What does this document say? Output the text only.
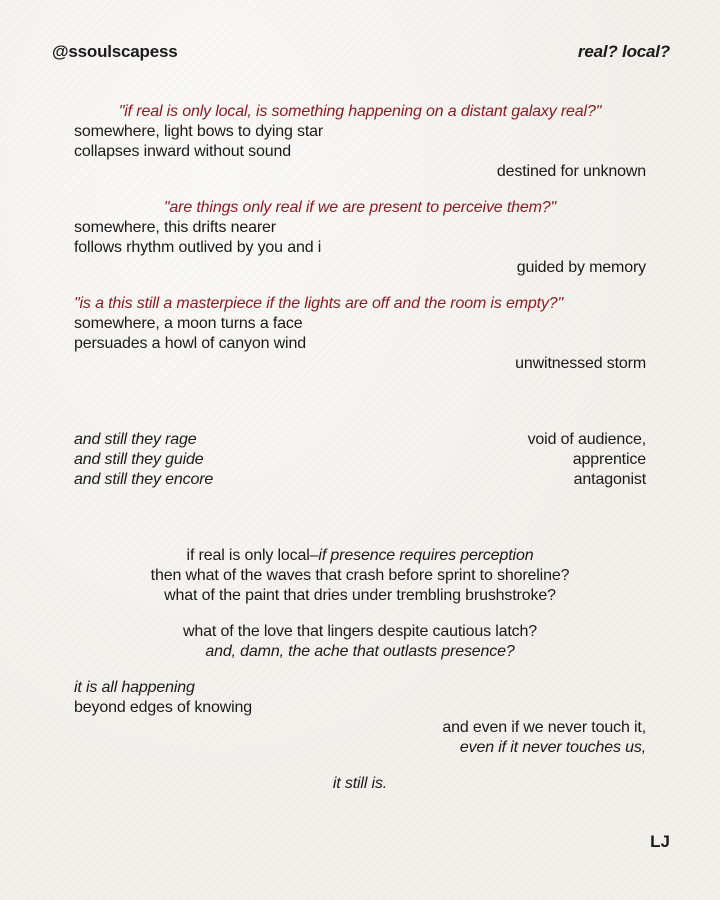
@ssoulscapess	real? local?
"if real is only local, is something happening on a distant galaxy real?"
somewhere, light bows to dying star
collapses inward without sound
destined for unknown
"are things only real if we are present to perceive them?"
somewhere, this drifts nearer
follows rhythm outlived by you and i
guided by memory
"is a this still a masterpiece if the lights are off and the room is empty?"
somewhere, a moon turns a face
persuades a howl of canyon wind
unwitnessed storm
and still they rage
and still they guide
and still they encore
void of audience,
apprentice
antagonist
if real is only local–if presence requires perception
then what of the waves that crash before sprint to shoreline?
what of the paint that dries under trembling brushstroke?
what of the love that lingers despite cautious latch?
and, damn, the ache that outlasts presence?
it is all happening
beyond edges of knowing
and even if we never touch it,
even if it never touches us,
it still is.
LJ
